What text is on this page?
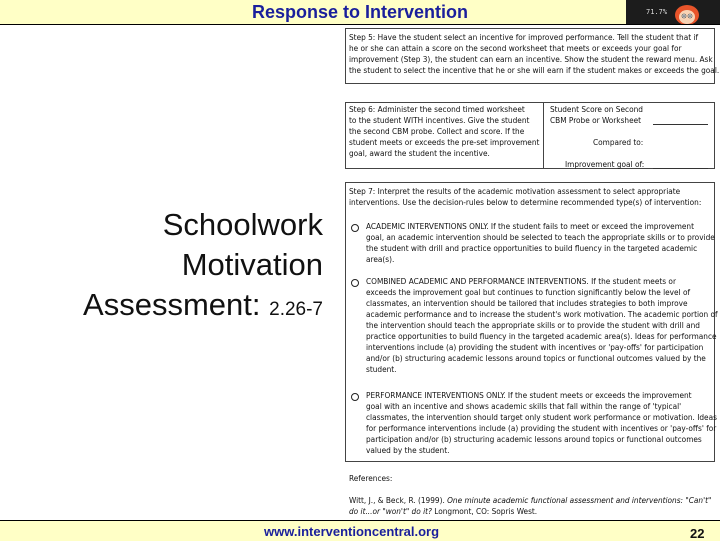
Response to Intervention	71.7%
Schoolwork
Motivation
Assessment: 2.26-7

Step 5: Have the student select an incentive for improved performance. Tell the student that if

he or she can attain a score on the second worksheet that meets or exceeds your goal for

improvement (Step 3), the student can earn an incentive. Show the student the reward menu. Ask

the student to select the incentive that he or she will earn if the student makes or exceeds the goal.

Step 6: Administer the second timed worksheet

to the student WITH incentives. Give the student

the second CBM probe. Collect and score. If the

student meets or exceeds the pre-set improvement

goal, award the student the incentive.

Student Score on Second

CBM Probe or Worksheet

Compared to:

Improvement goal of:

Step 7: Interpret the results of the academic motivation assessment to select appropriate

interventions. Use the decision-rules below to determine recommended type(s) of intervention:

ACADEMIC INTERVENTIONS ONLY. If the student fails to meet or exceed the improvement

goal, an academic intervention should be selected to teach the appropriate skills or to provide

the student with drill and practice opportunities to build fluency in the targeted academic

area(s).

COMBINED ACADEMIC AND PERFORMANCE INTERVENTIONS. If the student meets or

exceeds the improvement goal but continues to function significantly below the level of

classmates, an intervention should be tailored that includes strategies to both improve

academic performance and to increase the student's work motivation. The academic portion of

the intervention should teach the appropriate skills or to provide the student with drill and

practice opportunities to build fluency in the targeted academic area(s). Ideas for performance

interventions include (a) providing the student with incentives or 'pay-offs' for participation

and/or (b) structuring academic lessons around topics or functional outcomes valued by the

student.

PERFORMANCE INTERVENTIONS ONLY. If the student meets or exceeds the improvement

goal with an incentive and shows academic skills that fall within the range of 'typical'

classmates, the intervention should target only student work performance or motivation. Ideas

for performance interventions include (a) providing the student with incentives or 'pay-offs' for

participation and/or (b) structuring academic lessons around topics or functional outcomes

valued by the student.

References:

Witt, J., & Beck, R. (1999). One minute academic functional assessment and interventions: "Can't"

do it...or "won't" do it? Longmont, CO: Sopris West.

www.interventioncentral.org	22
